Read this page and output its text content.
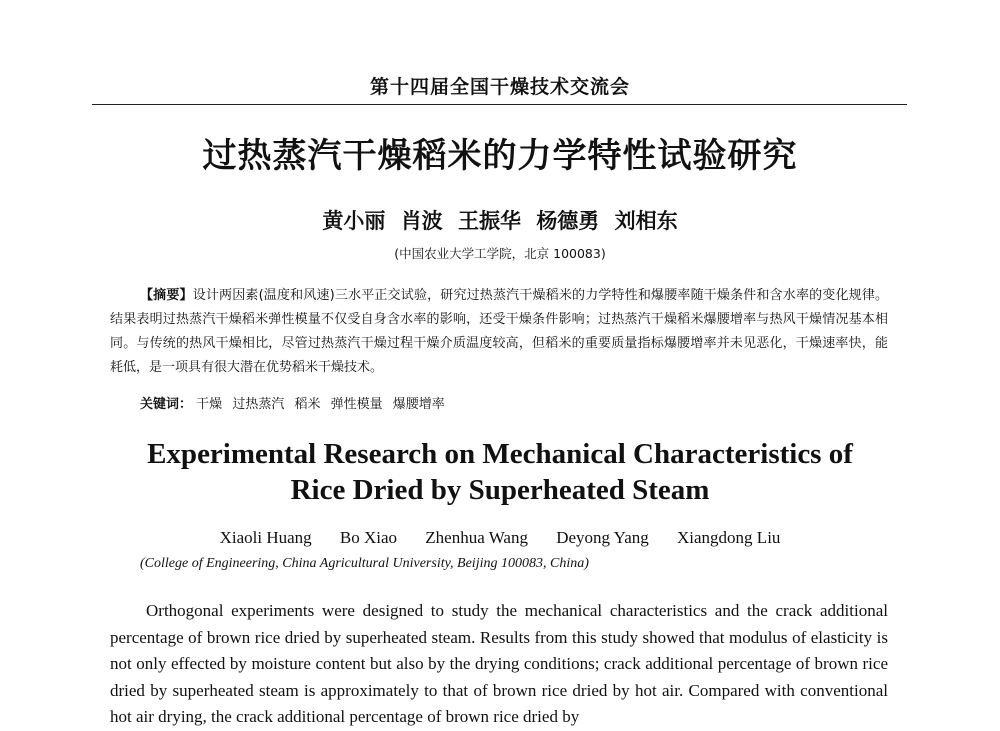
第十四届全国干燥技术交流会
过热蒸汽干燥稻米的力学特性试验研究
黄小丽 肖波 王振华 杨德勇 刘相东
(中国农业大学工学院，北京 100083)
【摘要】设计两因素(温度和风速)三水平正交试验，研究过热蒸汽干燥稻米的力学特性和爆腰率随干燥条件和含水率的变化规律。结果表明过热蒸汽干燥稻米弹性模量不仅受自身含水率的影响，还受干燥条件影响；过热蒸汽干燥稻米爆腰增率与热风干燥情况基本相同。与传统的热风干燥相比，尽管过热蒸汽干燥过程干燥介质温度较高，但稻米的重要质量指标爆腰增率并未见恶化，干燥速率快，能耗低，是一项具有很大潜在优势稻米干燥技术。
关键词： 干燥 过热蒸汽 稻米 弹性模量 爆腰增率
Experimental Research on Mechanical Characteristics of
Rice Dried by Superheated Steam
Xiaoli Huang Bo Xiao Zhenhua Wang Deyong Yang Xiangdong Liu
(College of Engineering, China Agricultural University, Beijing 100083, China)
Orthogonal experiments were designed to study the mechanical characteristics and the crack additional percentage of brown rice dried by superheated steam. Results from this study showed that modulus of elasticity is not only effected by moisture content but also by the drying conditions; crack additional percentage of brown rice dried by superheated steam is approximately to that of brown rice dried by hot air. Compared with conventional hot air drying, the crack additional percentage of brown rice dried by
